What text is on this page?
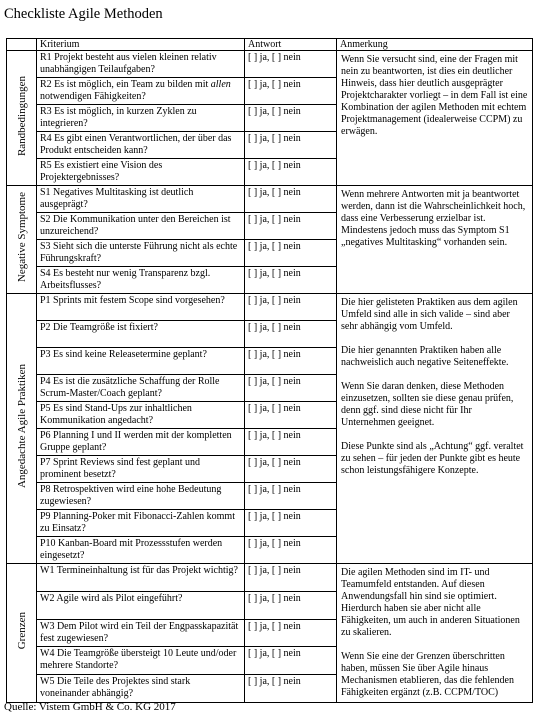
Checkliste Agile Methoden
	Kriterium	Antwort	Anmerkung
Randbedingungen	R1 Projekt besteht aus vielen kleinen relativ unabhängigen Teilaufgaben?	[ ] ja, [ ] nein	Wenn Sie versucht sind, eine der Fragen mit nein zu beantworten, ist dies ein deutlicher Hinweis, dass hier deutlich ausgeprägter Projektcharakter vorliegt – in dem Fall ist eine Kombination der agilen Methoden mit echtem Projektmanagement (idealerweise CCPM) zu erwägen.

	R2 Es ist möglich, ein Team zu bilden mit allen notwendigen Fähigkeiten?	[ ] ja, [ ] nein	
	R3 Es ist möglich, in kurzen Zyklen zu integrieren?	[ ] ja, [ ] nein	
	R4 Es gibt einen Verantwortlichen, der über das Produkt entscheiden kann?	[ ] ja, [ ] nein	
	R5 Es existiert eine Vision des Projektergebnisses?	[ ] ja, [ ] nein	
Negative Symptome	S1 Negatives Multitasking ist deutlich ausgeprägt?	[ ] ja, [ ] nein	Wenn mehrere Antworten mit ja beantwortet werden, dann ist die Wahrscheinlichkeit hoch, dass eine Verbesserung erzielbar ist. Mindestens jedoch muss das Symptom S1 „negatives Multitasking“ vorhanden sein.

	S2 Die Kommunikation unter den Bereichen ist unzureichend?	[ ] ja, [ ] nein	
	S3 Sieht sich die unterste Führung nicht als echte Führungskraft?	[ ] ja, [ ] nein	
	S4 Es besteht nur wenig Transparenz bzgl. Arbeitsflusses?	[ ] ja, [ ] nein	
Angedachte Agile Praktiken	P1 Sprints mit festem Scope sind vorgesehen?	[ ] ja, [ ] nein	Die hier gelisteten Praktiken aus dem agilen Umfeld sind alle in sich valide – sind aber sehr abhängig vom Umfeld.

Die hier genannten Praktiken haben alle nachweislich auch negative Seiteneffekte.

Wenn Sie daran denken, diese Methoden einzusetzen, sollten sie diese genau prüfen, denn ggf. sind diese nicht für Ihr Unternehmen geeignet.

Diese Punkte sind als „Achtung“ ggf. veraltet zu sehen – für jeden der Punkte gibt es heute schon leistungsfähigere Konzepte.

	P2 Die Teamgröße ist fixiert?	[ ] ja, [ ] nein	
	P3 Es sind keine Releasetermine geplant?	[ ] ja, [ ] nein	
	P4 Es ist die zusätzliche Schaffung der Rolle Scrum-Master/Coach geplant?	[ ] ja, [ ] nein	
	P5 Es sind Stand-Ups zur inhaltlichen Kommunikation angedacht?	[ ] ja, [ ] nein	
	P6 Planning I und II werden mit der kompletten Gruppe geplant?	[ ] ja, [ ] nein	
	P7 Sprint Reviews sind fest geplant und prominent besetzt?	[ ] ja, [ ] nein	
	P8 Retrospektiven wird eine hohe Bedeutung zugewiesen?	[ ] ja, [ ] nein	
	P9 Planning-Poker mit Fibonacci-Zahlen kommt zu Einsatz?	[ ] ja, [ ] nein	
	P10 Kanban-Board mit Prozessstufen werden eingesetzt?	[ ] ja, [ ] nein	
Grenzen	W1 Termineinhaltung ist für das Projekt wichtig?	[ ] ja, [ ] nein	Die agilen Methoden sind im IT- und Teamumfeld entstanden. Auf diesen Anwendungsfall hin sind sie optimiert. Hierdurch haben sie aber nicht alle Fähigkeiten, um auch in anderen Situationen zu skalieren.

Wenn Sie eine der Grenzen überschritten haben, müssen Sie über Agile hinaus Mechanismen etablieren, das die fehlenden Fähigkeiten ergänzt (z.B. CCPM/TOC)

	W2 Agile wird als Pilot eingeführt?	[ ] ja, [ ] nein	
	W3 Dem Pilot wird ein Teil der Engpasskapazität fest zugewiesen?	[ ] ja, [ ] nein	
	W4 Die Teamgröße übersteigt 10 Leute und/oder mehrere Standorte?	[ ] ja, [ ] nein	
	W5 Die Teile des Projektes sind stark voneinander abhängig?	[ ] ja, [ ] nein	
Quelle: Vistem GmbH & Co. KG 2017
